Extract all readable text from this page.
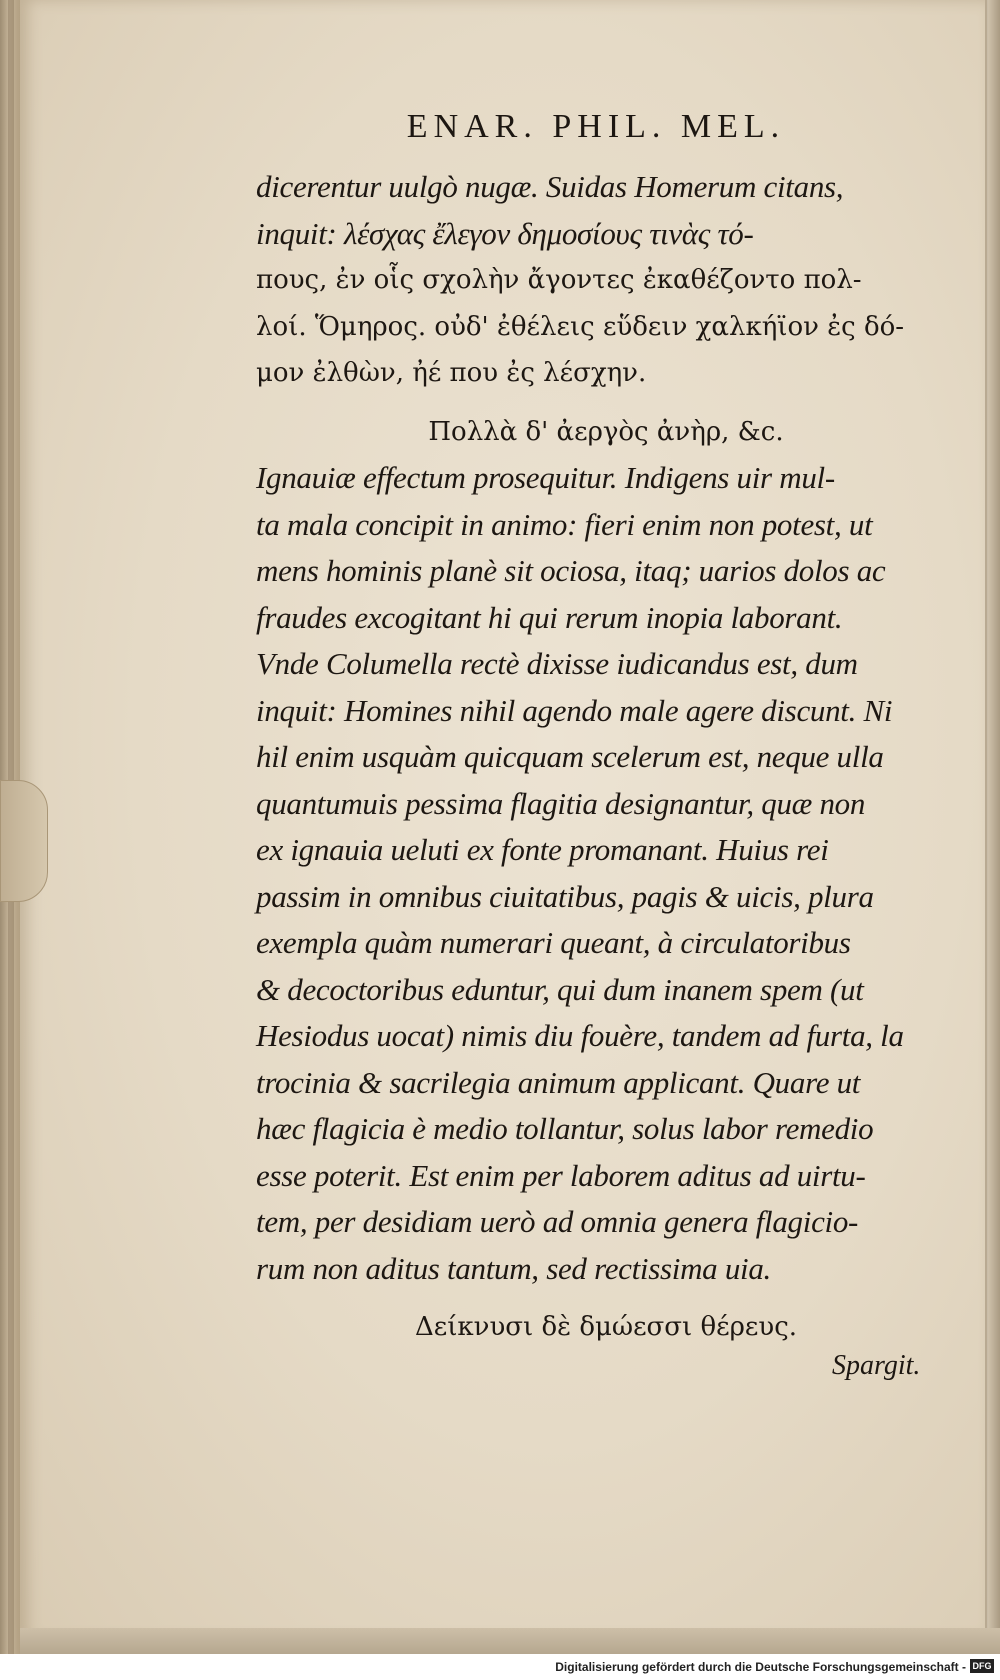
ENAR. PHIL. MEL.
dicerentur uulgò nugæ. Suidas Homerum citans,
inquit: λέσχας ἔλεγον δημοσίους τινὰς τό-
πους, ἐν οἷς σχολὴν ἄγοντες ἐκαθέζοντο πολ-
λοί. Ὅμηρος. οὐδ' ἐθέλεις εὕδειν χαλκήϊον ἐς δό-
μον ἐλθὼν, ἠέ που ἐς λέσχην.
Πολλὰ δ' ἀεργὸς ἀνὴρ, &c.
Ignauiæ effectum prosequitur. Indigens uir mul-
ta mala concipit in animo: fieri enim non potest, ut
mens hominis planè sit ociosa, itaq; uarios dolos ac
fraudes excogitant hi qui rerum inopia laborant.
Vnde Columella rectè dixisse iudicandus est, dum
inquit: Homines nihil agendo male agere discunt. Ni
hil enim usquàm quicquam scelerum est, neque ulla
quantumuis pessima flagitia designantur, quæ non
ex ignauia ueluti ex fonte promanant. Huius rei
passim in omnibus ciuitatibus, pagis & uicis, plura
exempla quàm numerari queant, à circulatoribus
& decoctoribus eduntur, qui dum inanem spem (ut
Hesiodus uocat) nimis diu fouère, tandem ad furta, la
trocinia & sacrilegia animum applicant. Quare ut
hæc flagicia è medio tollantur, solus labor remedio
esse poterit. Est enim per laborem aditus ad uirtu-
tem, per desidiam uerò ad omnia genera flagicio-
rum non aditus tantum, sed rectissima uia.
Δείκνυσι δὲ δμώεσσι θέρευς.
Spargit.
Digitalisierung gefördert durch die Deutsche Forschungsgemeinschaft - DFG
